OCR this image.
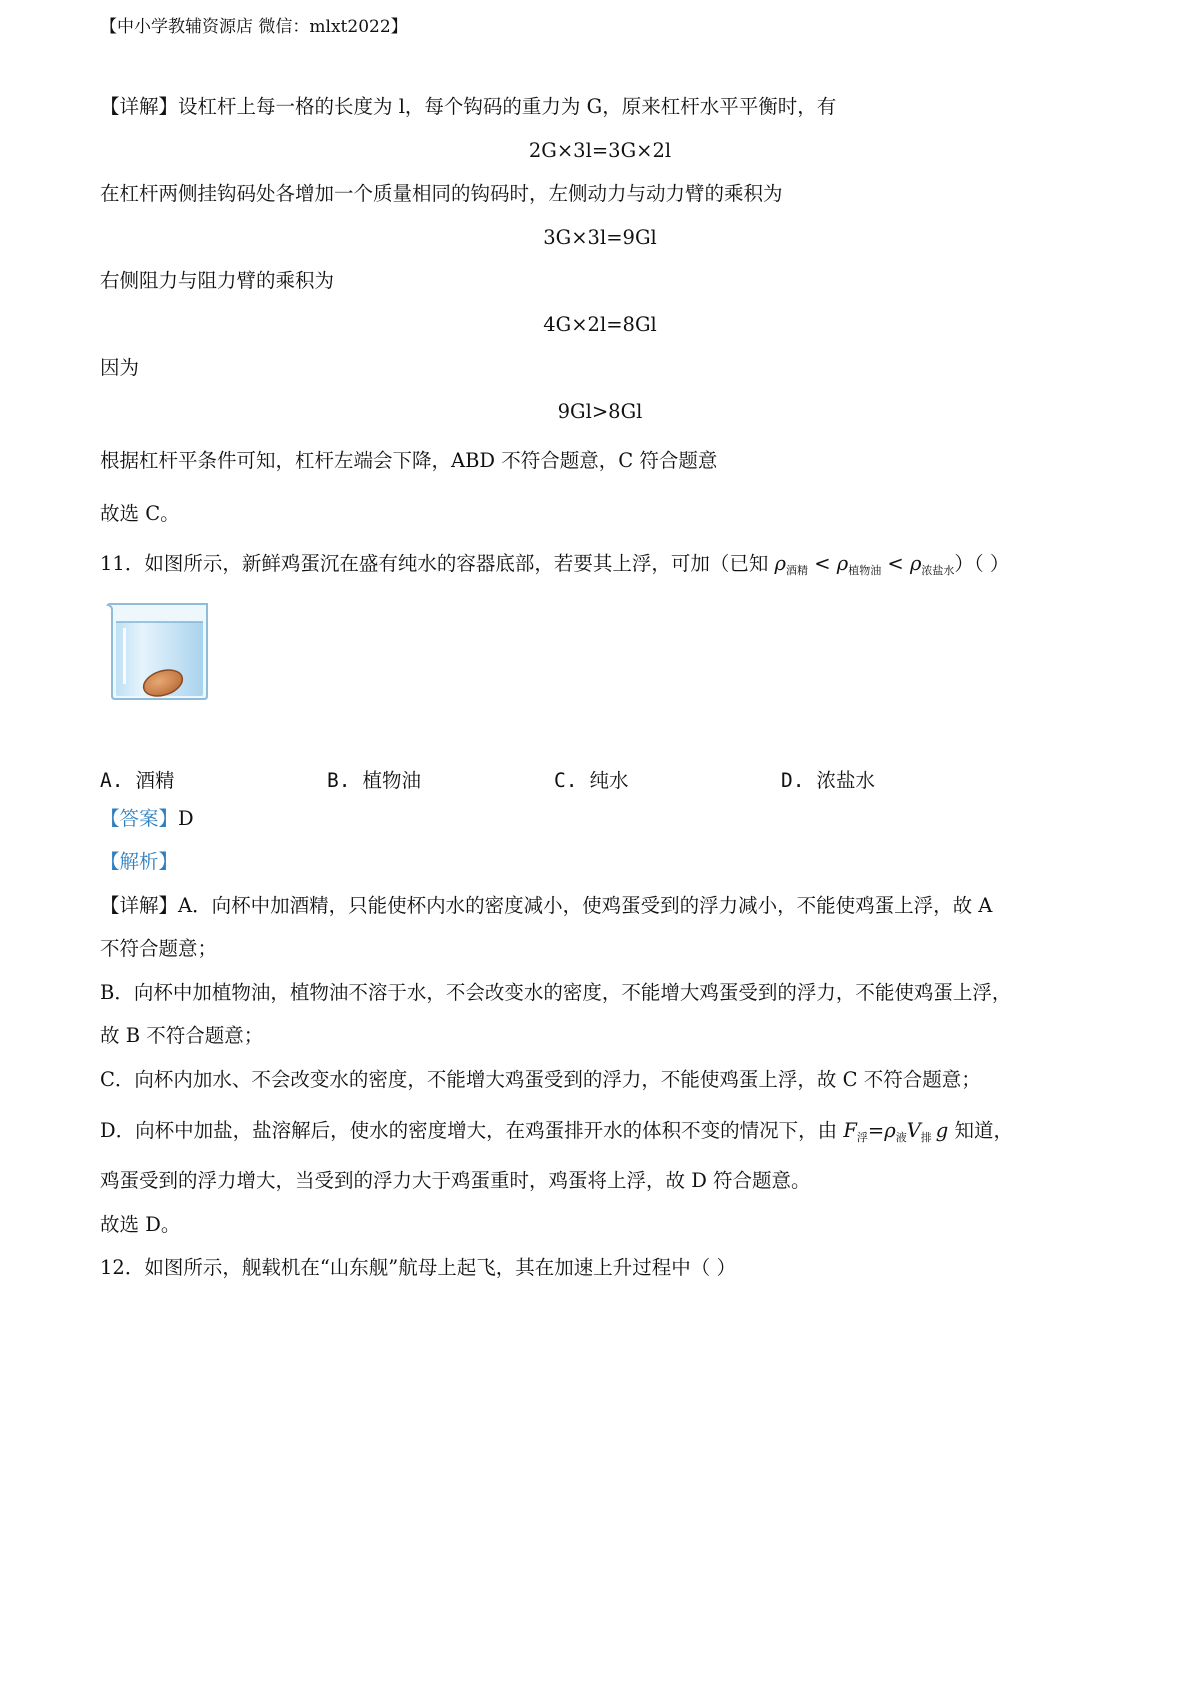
【中小学教辅资源店 微信：mlxt2022】
【详解】设杠杆上每一格的长度为 l，每个钩码的重力为 G，原来杠杆水平平衡时，有
2G×3l=3G×2l
在杠杆两侧挂钩码处各增加一个质量相同的钩码时，左侧动力与动力臂的乘积为
3G×3l=9Gl
右侧阻力与阻力臂的乘积为
4G×2l=8Gl
因为
9Gl>8Gl
根据杠杆平条件可知，杠杆左端会下降，ABD 不符合题意，C 符合题意
故选 C。
11．如图所示，新鲜鸡蛋沉在盛有纯水的容器底部，若要其上浮，可加（已知 $\rho_{酒精} < \rho_{植物油} < \rho_{浓盐水}$）（ ）
A. 酒精	B. 植物油	C. 纯水	D. 浓盐水
【答案】D
【解析】
【详解】A．向杯中加酒精，只能使杯内水的密度减小，使鸡蛋受到的浮力减小，不能使鸡蛋上浮，故 A
不符合题意；
B．向杯中加植物油，植物油不溶于水，不会改变水的密度，不能增大鸡蛋受到的浮力，不能使鸡蛋上浮，
故 B 不符合题意；
C．向杯内加水、不会改变水的密度，不能增大鸡蛋受到的浮力，不能使鸡蛋上浮，故 C 不符合题意；
D．向杯中加盐，盐溶解后，使水的密度增大，在鸡蛋排开水的体积不变的情况下，由 $F_浮=\rho_液V_排$ g 知道，
鸡蛋受到的浮力增大，当受到的浮力大于鸡蛋重时，鸡蛋将上浮，故 D 符合题意。
故选 D。
12．如图所示，舰载机在“山东舰”航母上起飞，其在加速上升过程中（ ）
